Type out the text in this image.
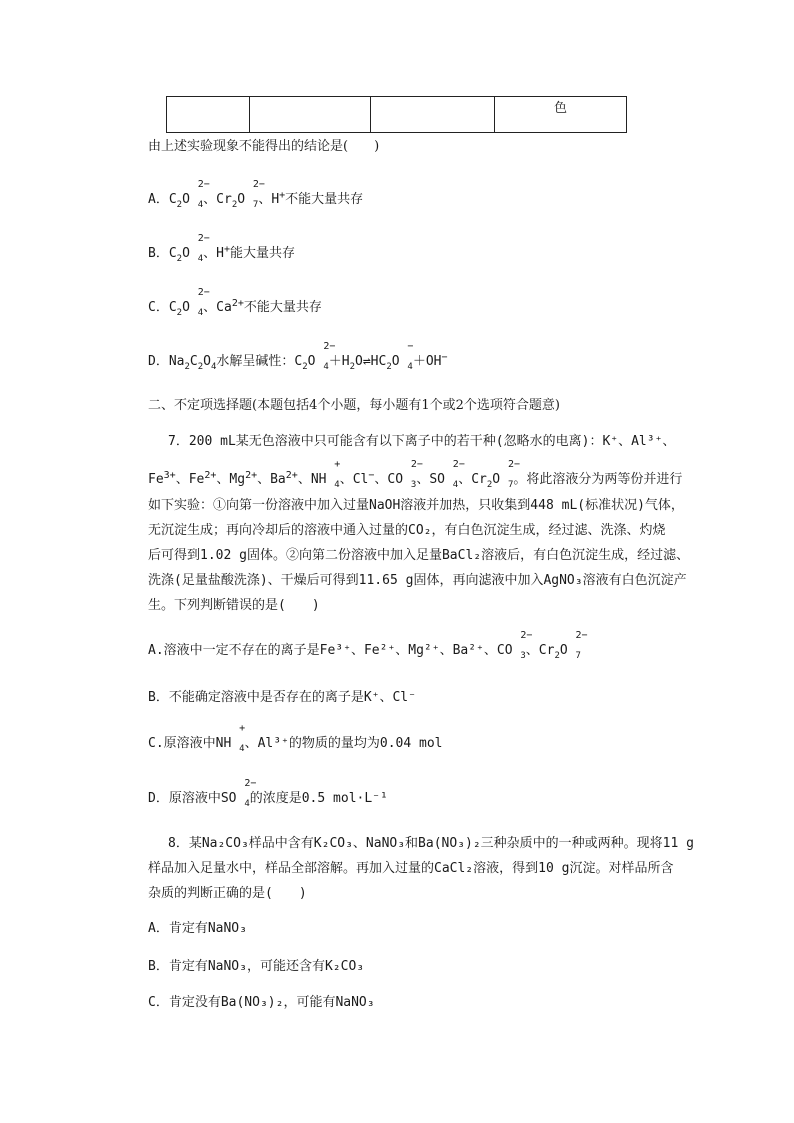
			色
由上述实验现象不能得出的结论是(　　)
A．$C_2O$
2−
$_4$、$Cr_2O$
2−
$_7$、H+不能大量共存
B．$C_2O$
2−
$_4$、H+能大量共存
C．$C_2O$
2−
$_4$、$Ca^{2+}$不能大量共存
D．$Na_2C_2O_4$水解呈碱性：$C_2O$
2−
$_4+H_2O\rightleftharpoons HC_2O$
−
$_4$＋OH−
二、不定项选择题(本题包括4个小题，每小题有1个或2个选项符合题意)
7．200 mL某无色溶液中只可能含有以下离子中的若干种(忽略水的电离)：K⁺、Al³⁺、
$Fe^{3+}$、$Fe^{2+}$、$Mg^{2+}$、$Ba^{2+}$、NH
+
$_4$、Cl−、CO
2−
$_3$、SO
2−
$_4$、$Cr_2O$
2−
$_7$。将此溶液分为两等份并进行
如下实验：①向第一份溶液中加入过量NaOH溶液并加热，只收集到448 mL(标准状况)气体，
无沉淀生成；再向冷却后的溶液中通入过量的CO₂，有白色沉淀生成，经过滤、洗涤、灼烧
后可得到1.02 g固体。②向第二份溶液中加入足量BaCl₂溶液后，有白色沉淀生成，经过滤、
洗涤(足量盐酸洗涤)、干燥后可得到11.65 g固体，再向滤液中加入AgNO₃溶液有白色沉淀产
生。下列判断错误的是(　　)
A.溶液中一定不存在的离子是Fe³⁺、Fe²⁺、Mg²⁺、Ba²⁺、CO
2−
$_3$、$Cr_2O$
2−
$_7$
B．不能确定溶液中是否存在的离子是K⁺、Cl⁻
C.原溶液中NH
+
$_4$、Al³⁺的物质的量均为0.04 mol
D．原溶液中SO
2−
$_4$的浓度是0.5 mol·L⁻¹
8．某Na₂CO₃样品中含有K₂CO₃、NaNO₃和Ba(NO₃)₂三种杂质中的一种或两种。现将11 g
样品加入足量水中，样品全部溶解。再加入过量的CaCl₂溶液，得到10 g沉淀。对样品所含
杂质的判断正确的是(　　)
A．肯定有NaNO₃
B．肯定有NaNO₃，可能还含有K₂CO₃
C．肯定没有Ba(NO₃)₂，可能有NaNO₃
